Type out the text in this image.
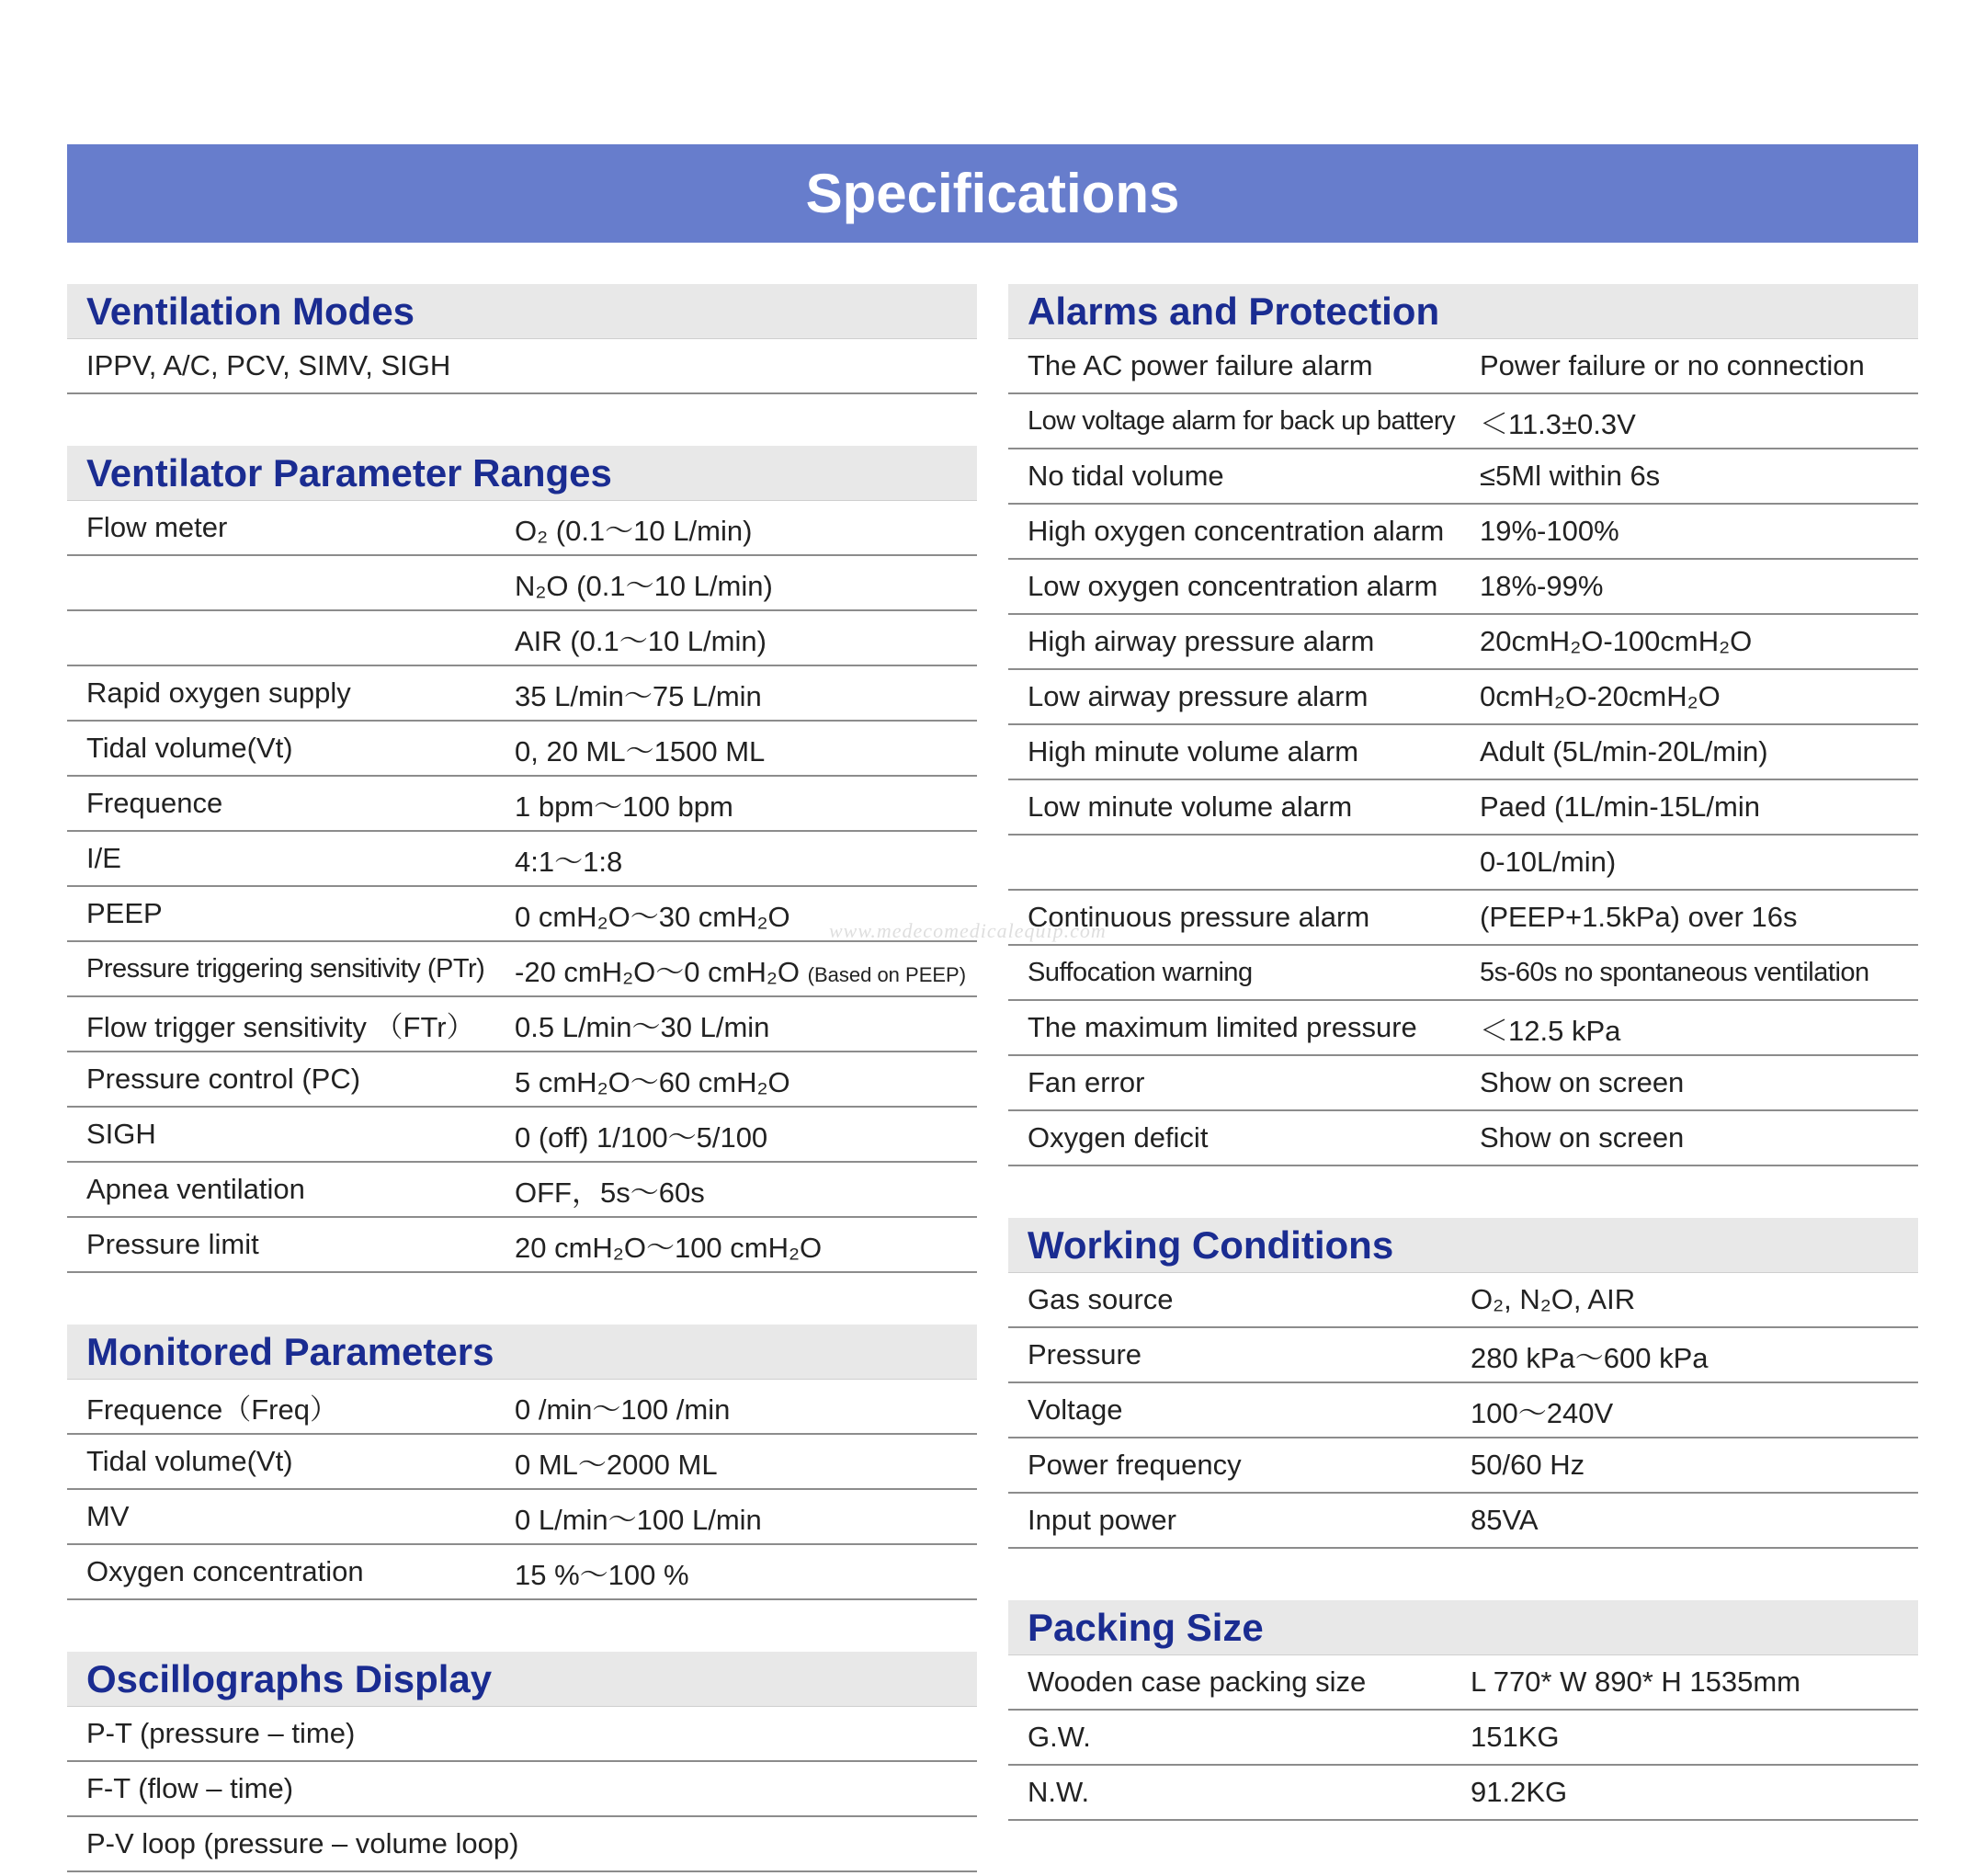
Specifications
Ventilation Modes
IPPV, A/C, PCV, SIMV, SIGH
Ventilator Parameter Ranges
Flow meter	O₂ (0.1～10 L/min)
N₂O (0.1～10 L/min)
AIR (0.1～10 L/min)
Rapid oxygen supply	35 L/min～75 L/min
Tidal volume(Vt)	0, 20 ML～1500 ML
Frequence	1 bpm～100 bpm
I/E	4:1～1:8
PEEP	0 cmH₂O～30 cmH₂O
Pressure triggering sensitivity (PTr)	-20 cmH₂O～0 cmH₂O (Based on PEEP)
Flow trigger sensitivity （FTr）	0.5 L/min～30 L/min
Pressure control (PC)	5 cmH₂O～60 cmH₂O
SIGH	0 (off) 1/100～5/100
Apnea ventilation	OFF，5s～60s
Pressure limit	20 cmH₂O～100 cmH₂O
Monitored Parameters
Frequence（Freq）	0 /min～100 /min
Tidal volume(Vt)	0 ML～2000 ML
MV	0 L/min～100 L/min
Oxygen concentration	15 %～100 %
Oscillographs Display
P-T (pressure – time)
F-T (flow – time)
P-V loop (pressure – volume loop)
Alarms and Protection
The AC power failure alarm	Power failure or no connection
Low voltage alarm for back up battery ＜11.3±0.3V
No tidal volume	≤5Ml within 6s
High oxygen concentration alarm	19%-100%
Low oxygen concentration alarm	18%-99%
High airway pressure alarm	20cmH₂O-100cmH₂O
Low airway pressure alarm	0cmH₂O-20cmH₂O
High minute volume alarm	Adult (5L/min-20L/min)
Low minute volume alarm	Paed (1L/min-15L/min
0-10L/min)
Continuous pressure alarm	(PEEP+1.5kPa) over 16s
Suffocation warning	5s-60s no spontaneous ventilation
The maximum limited pressure	＜12.5 kPa
Fan error	Show on screen
Oxygen deficit	Show on screen
Working Conditions
Gas source	O₂, N₂O, AIR
Pressure	280 kPa～600 kPa
Voltage	100～240V
Power frequency	50/60 Hz
Input power	85VA
Packing Size
Wooden case packing size	L 770* W 890* H 1535mm
G.W.	151KG
N.W.	91.2KG
www.medecomedicalequip.com
